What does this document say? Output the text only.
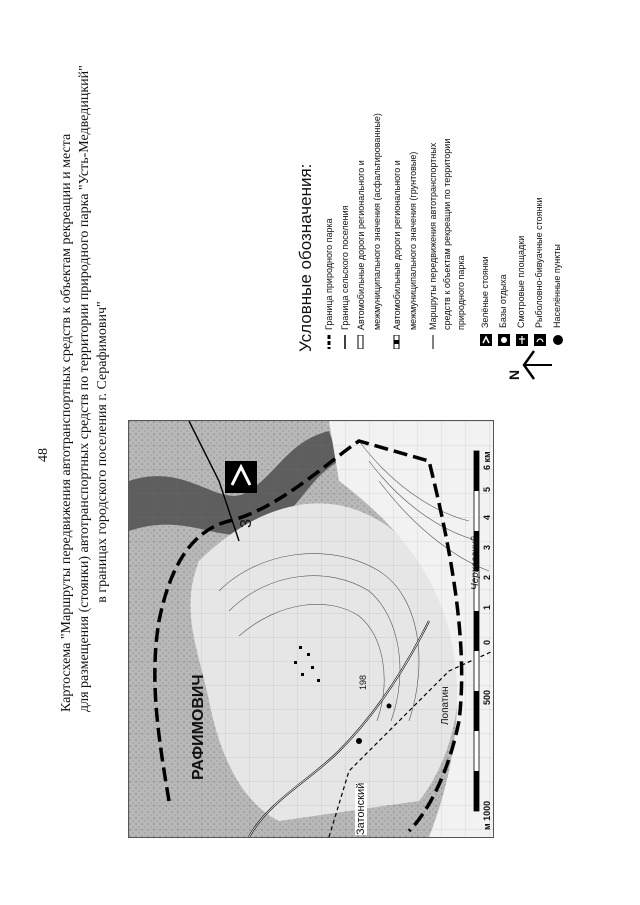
48 Картосхема "Маршруты передвижения автотранспортных средств к объектам рекреации и места для размещения (стоянки) автотранспортных средств по территории природного парка "Усть-Медведицкий" в границах городского поселения г. Серафимович"
РАФИМОВИЧ
Затонский
Лопатин
Черкесский
198
3
м 1000
500
0
1
2
3
4
5
6 км
N
Условные обозначения: Граница природного парка Граница сельского поселения Автомобильные дороги регионального и межмуниципального значения (асфальтированные) Автомобильные дороги регионального и межмуниципального значения (грунтовые) Маршруты передвижения автотранспортных средств к объектам рекреации по территории природного парка Зелёные стоянки Базы отдыха Смотровые площадки Рыболовно-бивуачные стоянки Населённые пункты
